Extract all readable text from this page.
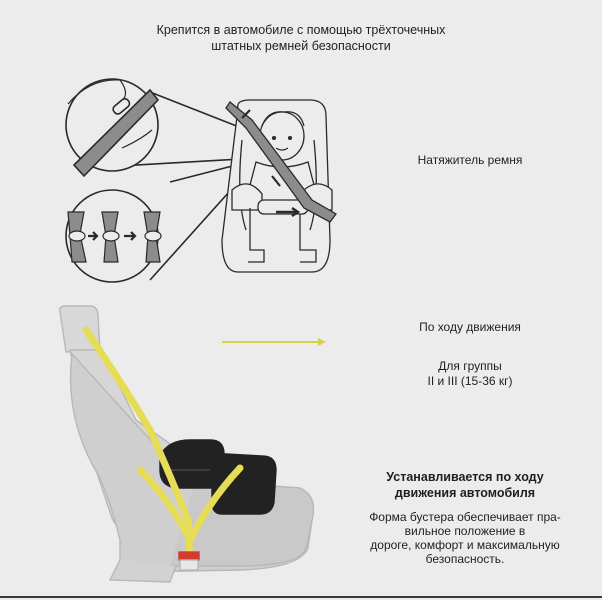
Крепится в автомобиле с помощью трёхточечных
штатных ремней безопасности
Натяжитель ремня
По ходу движения
Для группы
II и III (15-36 кг)
Устанавливается по ходу
движения автомобиля
Форма бустера обеспечивает пра-
вильное положение в
дороге, комфорт и максимальную
безопасность.
